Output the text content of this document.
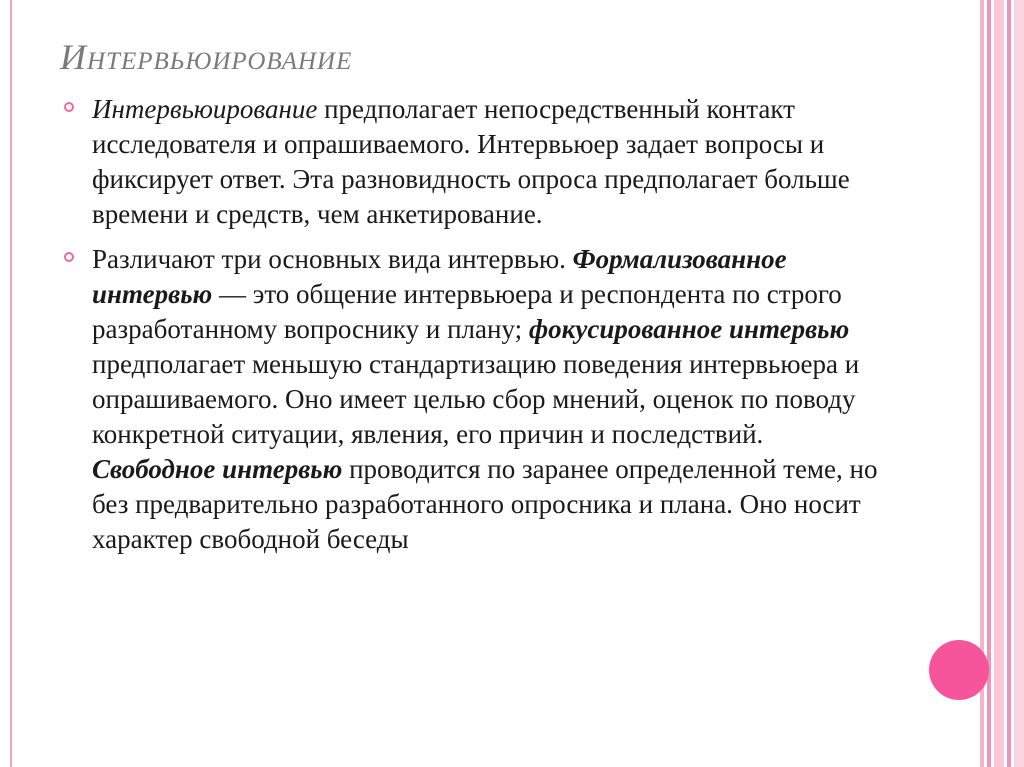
Интервьюирование
Интервьюирование предполагает непосредственный контакт исследователя и опрашиваемого. Интервьюер задает вопросы и фиксирует ответ. Эта разновидность опроса предполагает больше времени и средств, чем анкетирование.
Различают три основных вида интервью. Формализованное интервью — это общение интервьюера и респондента по строго разработанному вопроснику и плану; фокусированное интервью предполагает меньшую стандартизацию поведения интервьюера и опрашиваемого. Оно имеет целью сбор мнений, оценок по поводу конкретной ситуации, явления, его причин и последствий. Свободное интервью проводится по заранее определенной теме, но без предварительно разработанного опросника и плана. Оно носит характер свободной беседы
